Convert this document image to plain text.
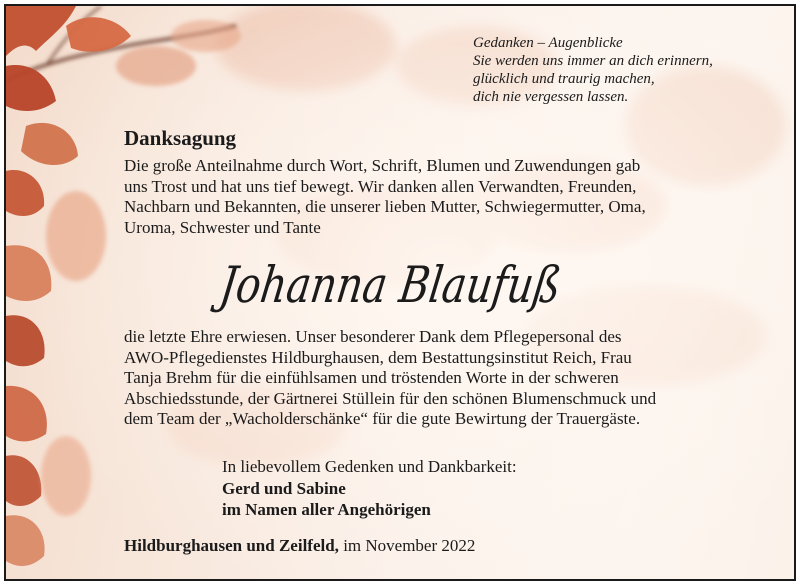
Gedanken – Augenblicke
Sie werden uns immer an dich erinnern,
glücklich und traurig machen,
dich nie vergessen lassen.
Danksagung
Die große Anteilnahme durch Wort, Schrift, Blumen und Zuwendungen gab
uns Trost und hat uns tief bewegt. Wir danken allen Verwandten, Freunden,
Nachbarn und Bekannten, die unserer lieben Mutter, Schwiegermutter, Oma,
Uroma, Schwester und Tante
Johanna Blaufuß
die letzte Ehre erwiesen. Unser besonderer Dank dem Pflegepersonal des
AWO-Pflegedienstes Hildburghausen, dem Bestattungsinstitut Reich, Frau
Tanja Brehm für die einfühlsamen und tröstenden Worte in der schweren
Abschiedsstunde, der Gärtnerei Stüllein für den schönen Blumenschmuck und
dem Team der „Wacholderschänke“ für die gute Bewirtung der Trauergäste.
In liebevollem Gedenken und Dankbarkeit:
Gerd und Sabine
im Namen aller Angehörigen
Hildburghausen und Zeilfeld, im November 2022
